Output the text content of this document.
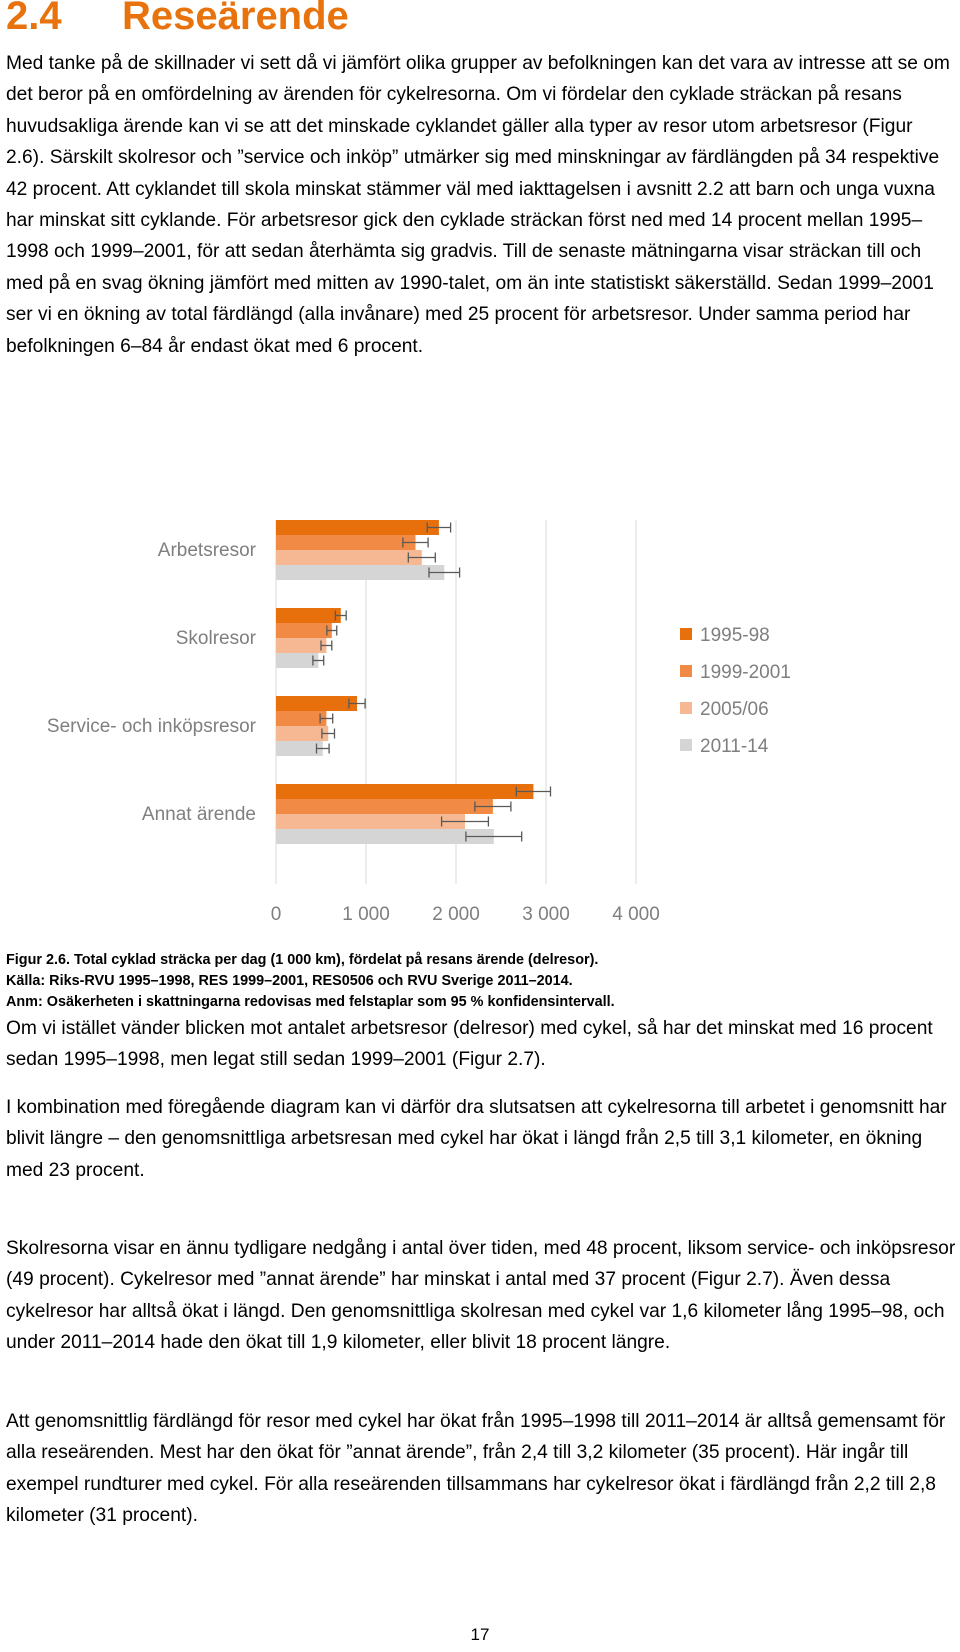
2.4 Reseärende

Med tanke på de skillnader vi sett då vi jämfört olika grupper av befolkningen kan det vara av intresse att se om det beror på en omfördelning av ärenden för cykelresorna. Om vi fördelar den cyklade sträckan på resans huvudsakliga ärende kan vi se att det minskade cyklandet gäller alla typer av resor utom arbetsresor (Figur 2.6). Särskilt skolresor och ”service och inköp” utmärker sig med minskningar av färdlängden på 34 respektive 42 procent. Att cyklandet till skola minskat stämmer väl med iakttagelsen i avsnitt 2.2 att barn och unga vuxna har minskat sitt cyklande. För arbetsresor gick den cyklade sträckan först ned med 14 procent mellan 1995–1998 och 1999–2001, för att sedan återhämta sig gradvis. Till de senaste mätningarna visar sträckan till och med på en svag ökning jämfört med mitten av 1990-talet, om än inte statistiskt säkerställd. Sedan 1999–2001 ser vi en ökning av total färdlängd (alla invånare) med 25 procent för arbetsresor. Under samma period har befolkningen 6–84 år endast ökat med 6 procent.

Arbetsresor
Skolresor
Service- och inköpsresor
Annat ärende
0	1 000 2 000 3 000 4 000
1995-98
1999-2001
2005/06
2011-14
Figur 2.6. Total cyklad sträcka per dag (1 000 km), fördelat på resans ärende (delresor).
Källa: Riks-RVU 1995–1998, RES 1999–2001, RES0506 och RVU Sverige 2011–2014.
Anm: Osäkerheten i skattningarna redovisas med felstaplar som 95 % konfidensintervall.

Om vi istället vänder blicken mot antalet arbetsresor (delresor) med cykel, så har det minskat med 16 procent sedan 1995–1998, men legat still sedan 1999–2001 (Figur 2.7).

I kombination med föregående diagram kan vi därför dra slutsatsen att cykelresorna till arbetet i genomsnitt har blivit längre – den genomsnittliga arbetsresan med cykel har ökat i längd från 2,5 till 3,1 kilometer, en ökning med 23 procent.

Skolresorna visar en ännu tydligare nedgång i antal över tiden, med 48 procent, liksom service- och inköpsresor (49 procent). Cykelresor med ”annat ärende” har minskat i antal med 37 procent (Figur 2.7). Även dessa cykelresor har alltså ökat i längd. Den genomsnittliga skolresan med cykel var 1,6 kilometer lång 1995–98, och under 2011–2014 hade den ökat till 1,9 kilometer, eller blivit 18 procent längre.

Att genomsnittlig färdlängd för resor med cykel har ökat från 1995–1998 till 2011–2014 är alltså gemensamt för alla reseärenden. Mest har den ökat för ”annat ärende”, från 2,4 till 3,2 kilometer (35 procent). Här ingår till exempel rundturer med cykel. För alla reseärenden tillsammans har cykelresor ökat i färdlängd från 2,2 till 2,8 kilometer (31 procent).

17
